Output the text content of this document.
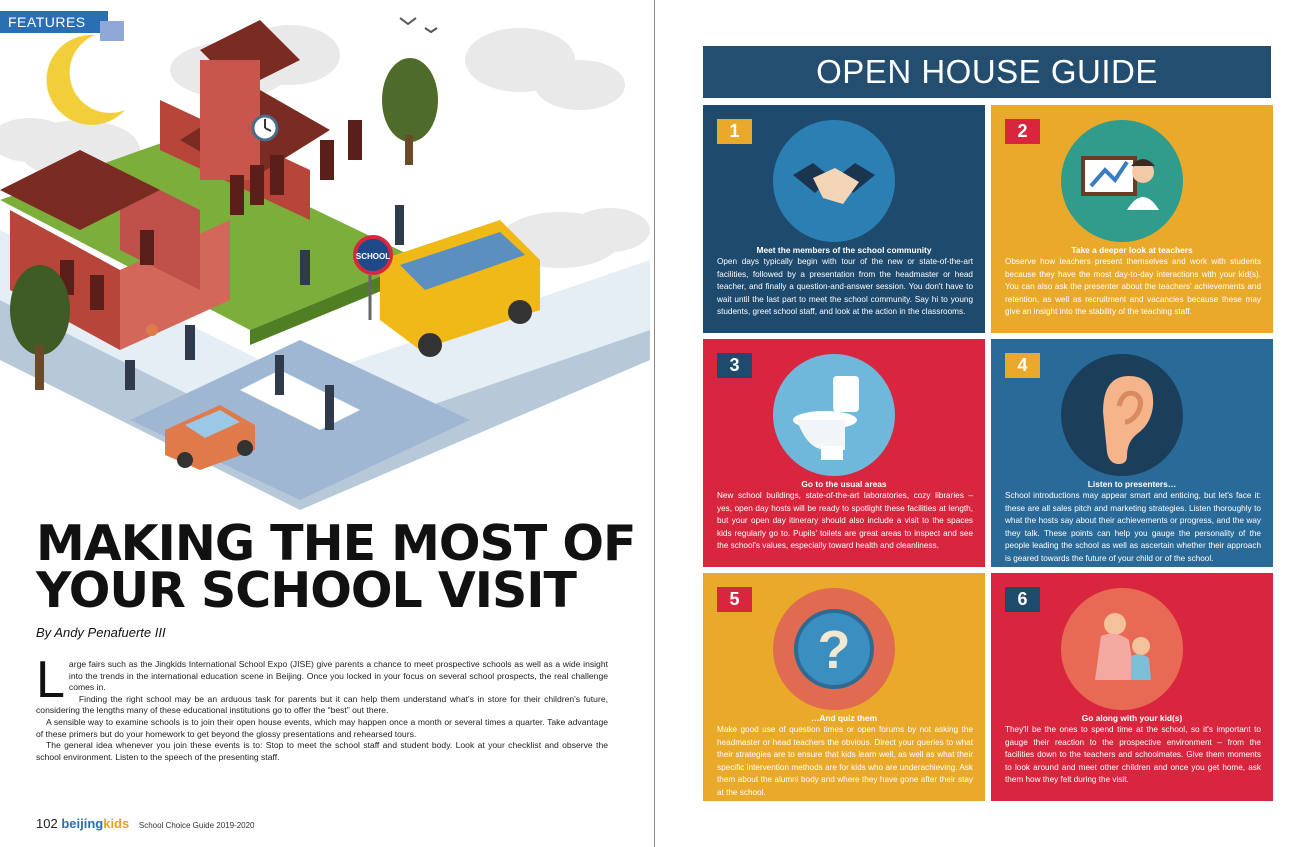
SCHOOL
FEATURES
MAKING THE MOST OF
YOUR SCHOOL VISIT
By Andy Penafuerte III

Large fairs such as the Jingkids International School Expo (JISE) give parents a chance to meet prospective schools as well as a wide insight into the trends in the international education scene in Beijing. Once you locked in your focus on several school prospects, the real challenge comes in.

Finding the right school may be an arduous task for parents but it can help them understand what's in store for their children's future, considering the lengths many of these educational institutions go to offer the “best” out there.

A sensible way to examine schools is to join their open house events, which may happen once a month or several times a quarter. Take advantage of these primers but do your homework to get beyond the glossy presentations and rehearsed tours.

The general idea whenever you join these events is to: Stop to meet the school staff and student body. Look at your checklist and observe the school environment. Listen to the speech of the presenting staff.

102 beijingkids School Choice Guide 2019-2020
OPEN HOUSE GUIDE
1
Meet the members of the school community
Open days typically begin with tour of the new or state-of-the-art facilities, followed by a presentation from the headmaster or head teacher, and finally a question-and-answer session. You don't have to wait until the last part to meet the school community. Say hi to young students, greet school staff, and look at the action in the classrooms.
2
Take a deeper look at teachers
Observe how teachers present themselves and work with students because they have the most day-to-day interactions with your kid(s). You can also ask the presenter about the teachers' achievements and retention, as well as recruitment and vacancies because these may give an insight into the stability of the teaching staff.
3
Go to the usual areas
New school buildings, state-of-the-art laboratories, cozy libraries – yes, open day hosts will be ready to spotlight these facilities at length, but your open day itinerary should also include a visit to the spaces kids regularly go to. Pupils' toilets are great areas to inspect and see the school's values, especially toward health and cleanliness.
4
Listen to presenters…
School introductions may appear smart and enticing, but let's face it: these are all sales pitch and marketing strategies. Listen thoroughly to what the hosts say about their achievements or progress, and the way they talk. These points can help you gauge the personality of the people leading the school as well as ascertain whether their approach is geared towards the future of your child or of the school.
5
?
…And quiz them
Make good use of question times or open forums by not asking the headmaster or head teachers the obvious. Direct your queries to what their strategies are to ensure that kids learn well, as well as what their specific intervention methods are for kids who are underachieving. Ask them about the alumni body and where they have gone after their stay at the school.
6
Go along with your kid(s)
They'll be the ones to spend time at the school, so it's important to gauge their reaction to the prospective environment – from the facilities down to the teachers and schoolmates. Give them moments to look around and meet other children and once you get home, ask them how they felt during the visit.
